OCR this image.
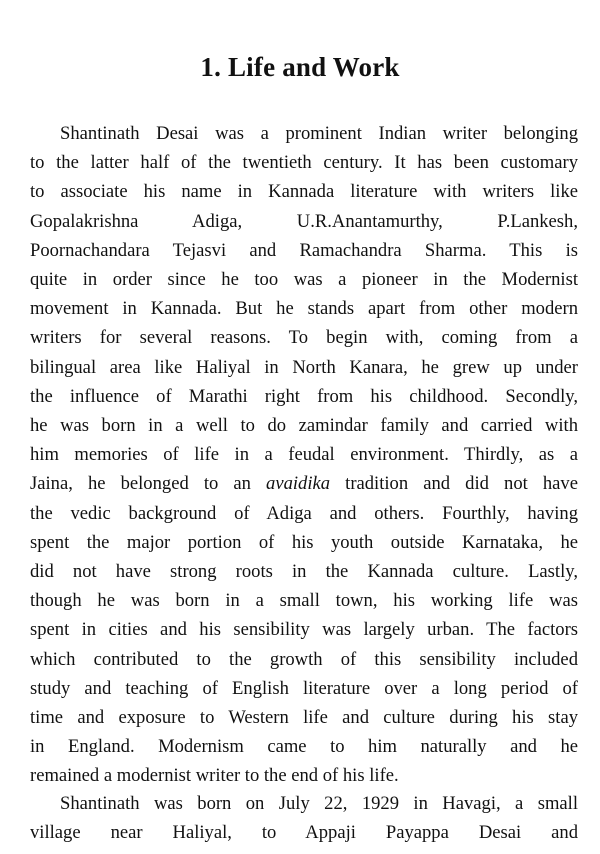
1. Life and Work
Shantinath Desai was a prominent Indian writer belonging
to the latter half of the twentieth century. It has been customary
to associate his name in Kannada literature with writers like
Gopalakrishna Adiga, U.R.Anantamurthy, P.Lankesh,
Poornachandara Tejasvi and Ramachandra Sharma. This is
quite in order since he too was a pioneer in the Modernist
movement in Kannada. But he stands apart from other modern
writers for several reasons. To begin with, coming from a
bilingual area like Haliyal in North Kanara, he grew up under
the influence of Marathi right from his childhood. Secondly,
he was born in a well to do zamindar family and carried with
him memories of life in a feudal environment. Thirdly, as a
Jaina, he belonged to an avaidika tradition and did not have
the vedic background of Adiga and others. Fourthly, having
spent the major portion of his youth outside Karnataka, he
did not have strong roots in the Kannada culture. Lastly,
though he was born in a small town, his working life was
spent in cities and his sensibility was largely urban. The factors
which contributed to the growth of this sensibility included
study and teaching of English literature over a long period of
time and exposure to Western life and culture during his stay
in England. Modernism came to him naturally and he
remained a modernist writer to the end of his life.
Shantinath was born on July 22, 1929 in Havagi, a small
village near Haliyal, to Appaji Payappa Desai and
